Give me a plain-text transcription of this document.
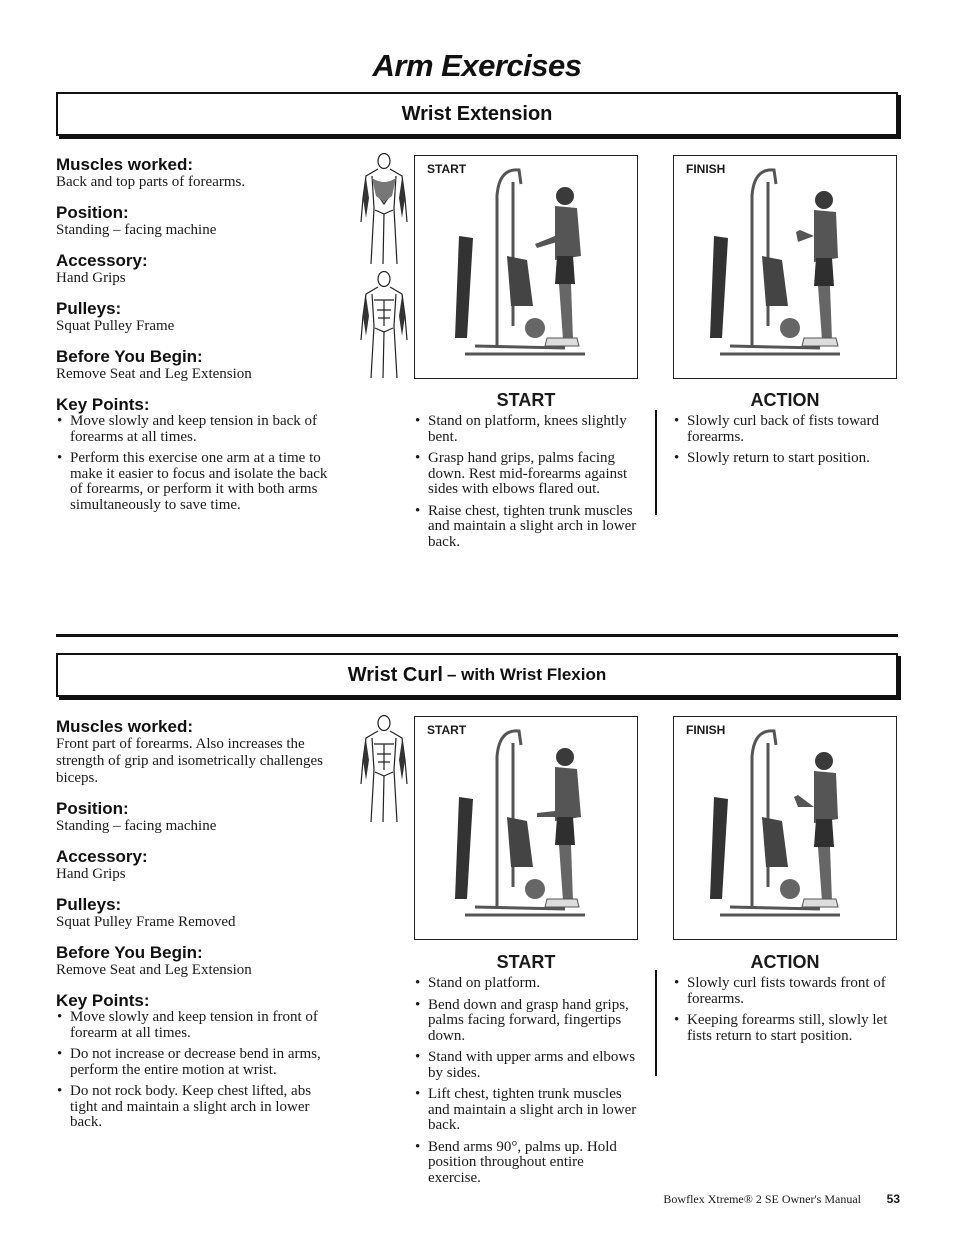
Arm Exercises
Wrist Extension
Muscles worked:

Back and top parts of forearms.

Position:

Standing – facing machine

Accessory:

Hand Grips

Pulleys:

Squat Pulley Frame

Before You Begin:

Remove Seat and Leg Extension

Key Points:
• Move slowly and keep tension in back of forearms at all times.
• Perform this exercise one arm at a time to make it easier to focus and isolate the back of forearms, or perform it with both arms simultaneously to save time.
START	FINISH
START
• Stand on platform, knees slightly bent.
• Grasp hand grips, palms facing down. Rest mid-forearms against sides with elbows flared out.
• Raise chest, tighten trunk muscles and maintain a slight arch in lower back.
ACTION
• Slowly curl back of fists toward forearms.
• Slowly return to start position.
Wrist Curl – with Wrist Flexion
Muscles worked:

Front part of forearms. Also increases the strength of grip and isometrically challenges biceps.

Position:

Standing – facing machine

Accessory:

Hand Grips

Pulleys:

Squat Pulley Frame Removed

Before You Begin:

Remove Seat and Leg Extension

Key Points:
• Move slowly and keep tension in front of forearm at all times.
• Do not increase or decrease bend in arms, perform the entire motion at wrist.
• Do not rock body. Keep chest lifted, abs tight and maintain a slight arch in lower back.
START	FINISH
START
• Stand on platform.
• Bend down and grasp hand grips, palms facing forward, fingertips down.
• Stand with upper arms and elbows by sides.
• Lift chest, tighten trunk muscles and maintain a slight arch in lower back.
• Bend arms 90°, palms up. Hold position throughout entire exercise.
ACTION
• Slowly curl fists towards front of forearms.
• Keeping forearms still, slowly let fists return to start position.
Bowflex Xtreme® 2 SE Owner's Manual 53
